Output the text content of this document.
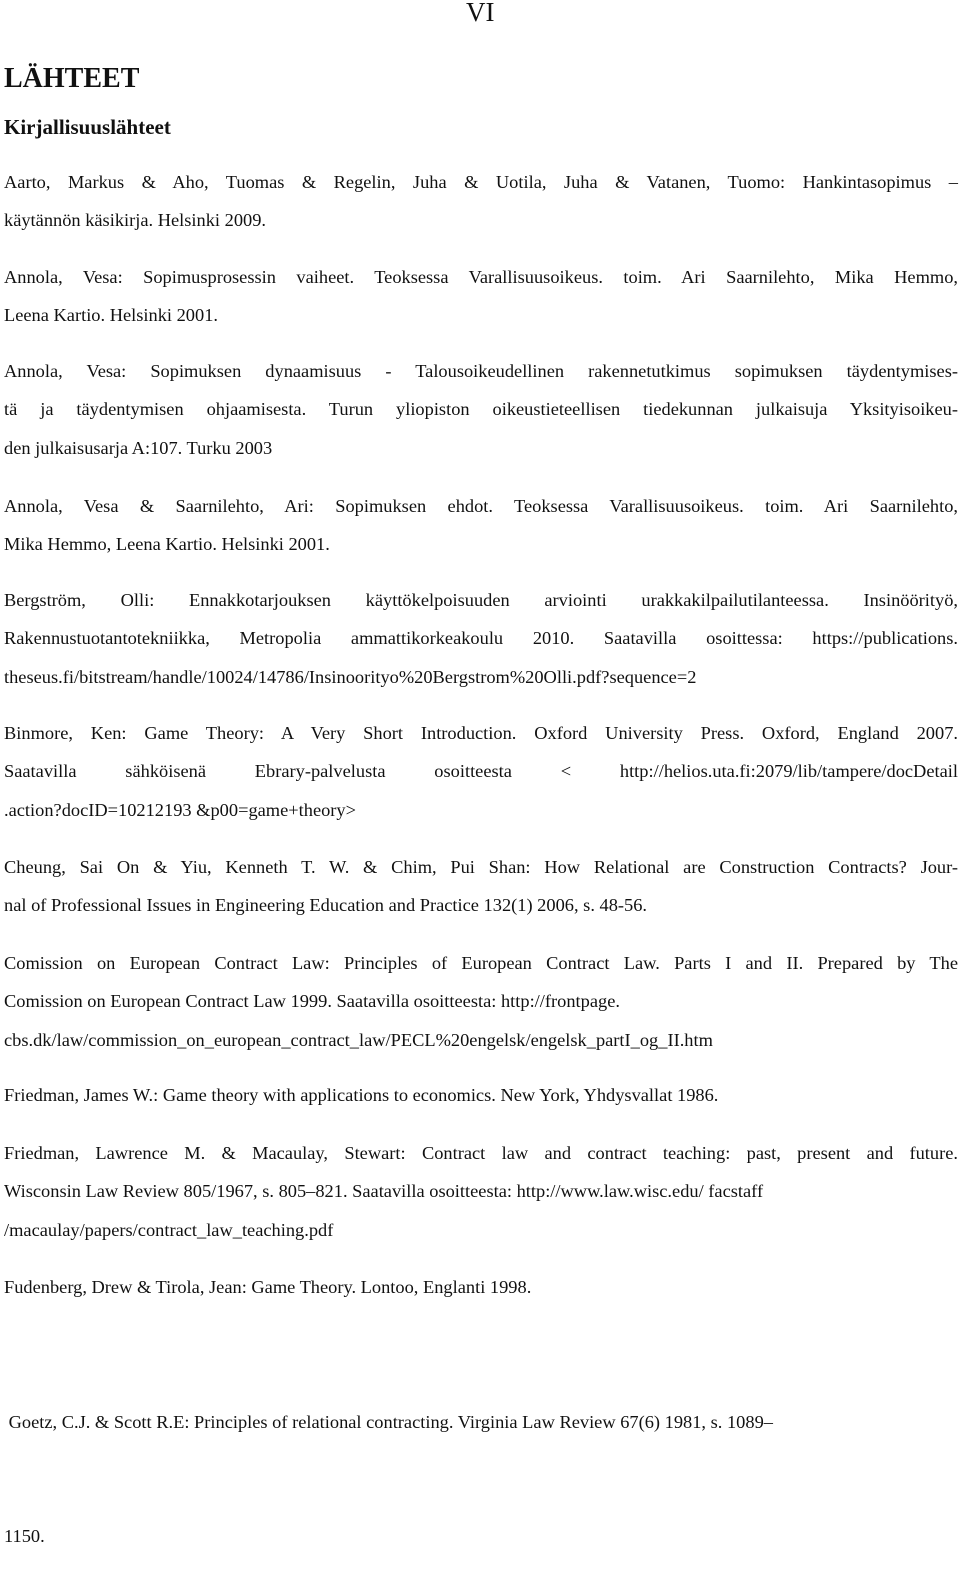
VI
LÄHTEET
Kirjallisuuslähteet
Aarto, Markus & Aho, Tuomas & Regelin, Juha & Uotila, Juha & Vatanen, Tuomo: Hankintasopimus –
käytännön käsikirja. Helsinki 2009.
Annola, Vesa: Sopimusprosessin vaiheet. Teoksessa Varallisuusoikeus. toim. Ari Saarnilehto, Mika Hemmo,
Leena Kartio. Helsinki 2001.
Annola, Vesa: Sopimuksen dynaamisuus - Talousoikeudellinen rakennetutkimus sopimuksen täydentymises-
tä ja täydentymisen ohjaamisesta. Turun yliopiston oikeustieteellisen tiedekunnan julkaisuja Yksityisoikeu-
den julkaisusarja A:107. Turku 2003
Annola, Vesa & Saarnilehto, Ari: Sopimuksen ehdot. Teoksessa Varallisuusoikeus. toim. Ari Saarnilehto,
Mika Hemmo, Leena Kartio. Helsinki 2001.
Bergström, Olli: Ennakkotarjouksen käyttökelpoisuuden arviointi urakkakilpailutilanteessa. Insinöörityö,
Rakennustuotantotekniikka, Metropolia ammattikorkeakoulu 2010. Saatavilla osoittessa: https://publications.
theseus.fi/bitstream/handle/10024/14786/Insinoorityo%20Bergstrom%20Olli.pdf?sequence=2
Binmore, Ken: Game Theory: A Very Short Introduction. Oxford University Press. Oxford, England 2007.
Saatavilla sähköisenä Ebrary-palvelusta osoitteesta < http://helios.uta.fi:2079/lib/tampere/docDetail
.action?docID=10212193 &p00=game+theory>
Cheung, Sai On & Yiu, Kenneth T. W. & Chim, Pui Shan: How Relational are Construction Contracts? Jour-
nal of Professional Issues in Engineering Education and Practice 132(1) 2006, s. 48-56.
Comission on European Contract Law: Principles of European Contract Law. Parts I and II. Prepared by The
Comission on European Contract Law 1999. Saatavilla osoitteesta: http://frontpage.
cbs.dk/law/commission_on_european_contract_law/PECL%20engelsk/engelsk_partI_og_II.htm
Friedman, James W.: Game theory with applications to economics. New York, Yhdysvallat 1986.
Friedman, Lawrence M. & Macaulay, Stewart: Contract law and contract teaching: past, present and future.
Wisconsin Law Review 805/1967, s. 805–821. Saatavilla osoitteesta: http://www.law.wisc.edu/ facstaff
/macaulay/papers/contract_law_teaching.pdf
Fudenberg, Drew & Tirola, Jean: Game Theory. Lontoo, Englanti 1998.

Goetz, C.J. & Scott R.E: Principles of relational contracting. Virginia Law Review 67(6) 1981, s. 1089–

1150.
